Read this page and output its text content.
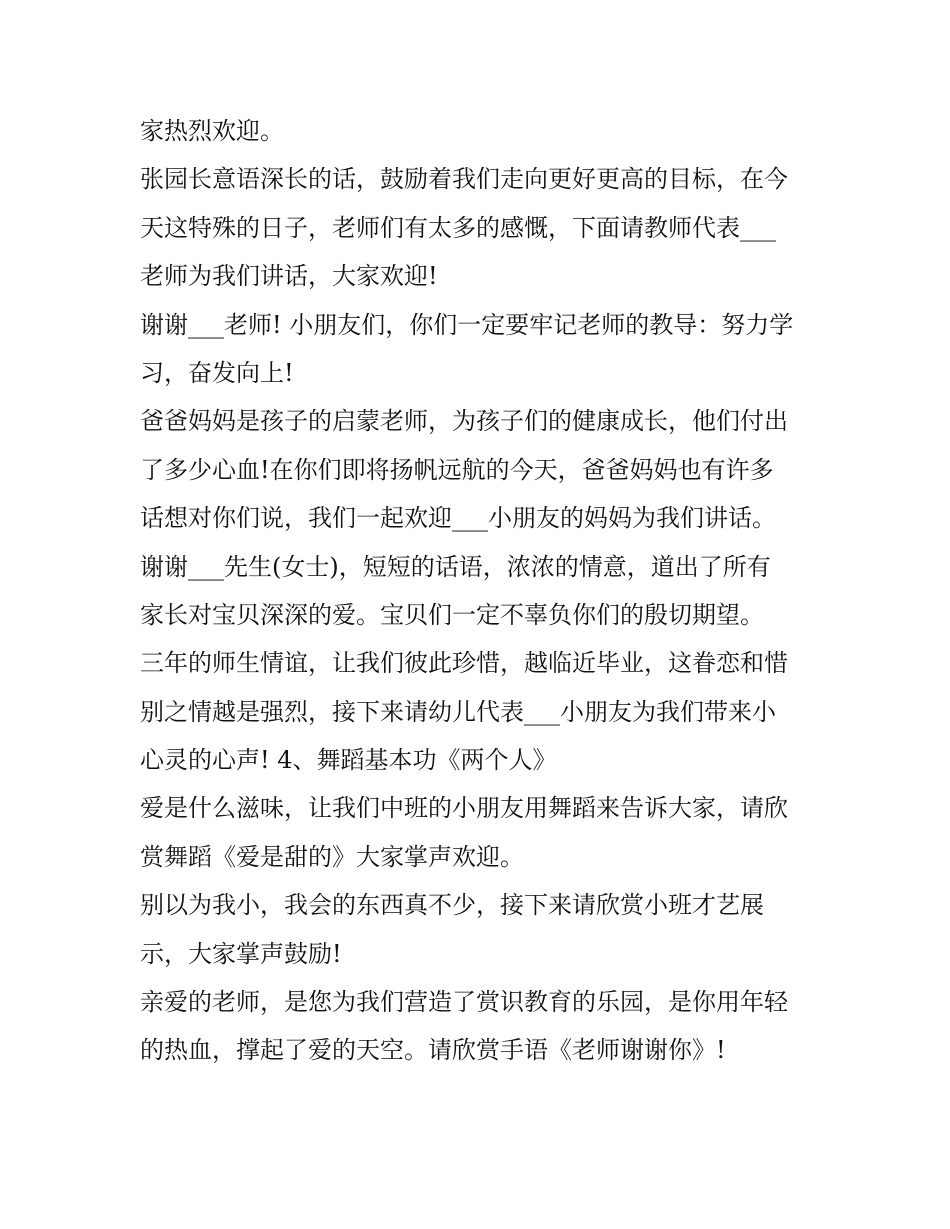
家热烈欢迎。
张园长意语深长的话，鼓励着我们走向更好更高的目标，在今
天这特殊的日子，老师们有太多的感慨，下面请教师代表___
老师为我们讲话，大家欢迎!
谢谢___老师! 小朋友们，你们一定要牢记老师的教导：努力学
习，奋发向上!
爸爸妈妈是孩子的启蒙老师，为孩子们的健康成长，他们付出
了多少心血!在你们即将扬帆远航的今天，爸爸妈妈也有许多
话想对你们说，我们一起欢迎___小朋友的妈妈为我们讲话。
谢谢___先生(女士)，短短的话语，浓浓的情意，道出了所有
家长对宝贝深深的爱。宝贝们一定不辜负你们的殷切期望。
三年的师生情谊，让我们彼此珍惜，越临近毕业，这眷恋和惜
别之情越是强烈，接下来请幼儿代表___小朋友为我们带来小
心灵的心声! 4、舞蹈基本功《两个人》
爱是什么滋味，让我们中班的小朋友用舞蹈来告诉大家，请欣
赏舞蹈《爱是甜的》大家掌声欢迎。
别以为我小，我会的东西真不少，接下来请欣赏小班才艺展
示，大家掌声鼓励!
亲爱的老师，是您为我们营造了赏识教育的乐园，是你用年轻
的热血，撑起了爱的天空。请欣赏手语《老师谢谢你》!
